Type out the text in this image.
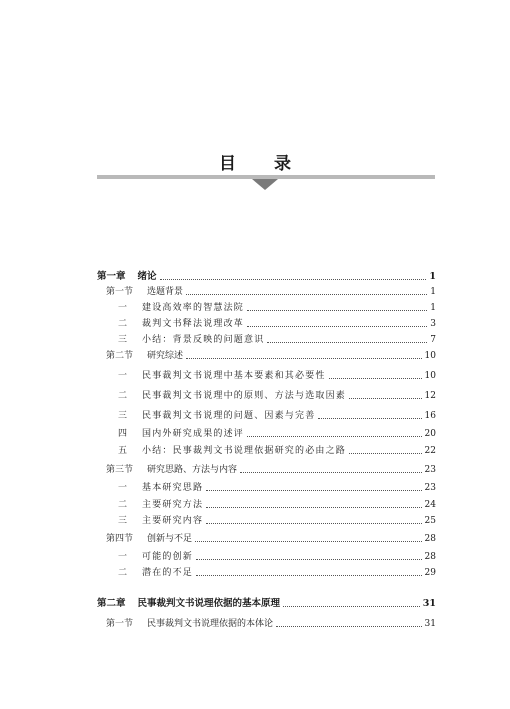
目 录
第一章 绪论	1
第一节 选题背景	1
一 建设高效率的智慧法院	1
二 裁判文书释法说理改革	3
三 小结：背景反映的问题意识	7
第二节 研究综述	10
一 民事裁判文书说理中基本要素和其必要性	10
二 民事裁判文书说理中的原则、方法与选取因素	12
三 民事裁判文书说理的问题、因素与完善	16
四 国内外研究成果的述评	20
五 小结：民事裁判文书说理依据研究的必由之路	22
第三节 研究思路、方法与内容	23
一 基本研究思路	23
二 主要研究方法	24
三 主要研究内容	25
第四节 创新与不足	28
一 可能的创新	28
二 潜在的不足	29
第二章 民事裁判文书说理依据的基本原理	31
第一节 民事裁判文书说理依据的本体论	31
